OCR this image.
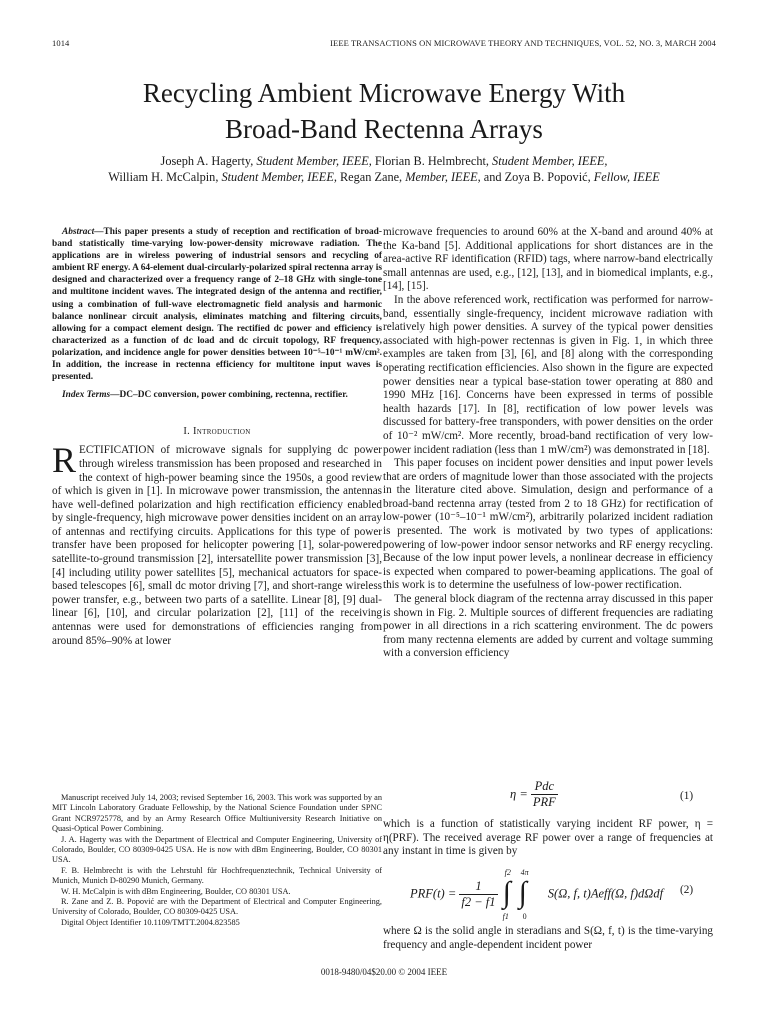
1014	IEEE TRANSACTIONS ON MICROWAVE THEORY AND TECHNIQUES, VOL. 52, NO. 3, MARCH 2004
Recycling Ambient Microwave Energy With
Broad-Band Rectenna Arrays
Joseph A. Hagerty, Student Member, IEEE, Florian B. Helmbrecht, Student Member, IEEE,
William H. McCalpin, Student Member, IEEE, Regan Zane, Member, IEEE, and Zoya B. Popović, Fellow, IEEE

Abstract—This paper presents a study of reception and rectification of broad-band statistically time-varying low-power-density microwave radiation. The applications are in wireless powering of industrial sensors and recycling of ambient RF energy. A 64-element dual-circularly-polarized spiral rectenna array is designed and characterized over a frequency range of 2–18 GHz with single-tone and multitone incident waves. The integrated design of the antenna and rectifier, using a combination of full-wave electromagnetic field analysis and harmonic balance nonlinear circuit analysis, eliminates matching and filtering circuits, allowing for a compact element design. The rectified dc power and efficiency is characterized as a function of dc load and dc circuit topology, RF frequency, polarization, and incidence angle for power densities between 10⁻⁵–10⁻¹ mW/cm². In addition, the increase in rectenna efficiency for multitone input waves is presented.

Index Terms—DC–DC conversion, power combining, rectenna, rectifier.

I. Introduction

RECTIFICATION of microwave signals for supplying dc power through wireless transmission has been proposed and researched in the context of high-power beaming since the 1950s, a good review of which is given in [1]. In microwave power transmission, the antennas have well-defined polarization and high rectification efficiency enabled by single-frequency, high microwave power densities incident on an array of antennas and rectifying circuits. Applications for this type of power transfer have been proposed for helicopter powering [1], solar-powered satellite-to-ground transmission [2], intersatellite power transmission [3], [4] including utility power satellites [5], mechanical actuators for space-based telescopes [6], small dc motor driving [7], and short-range wireless power transfer, e.g., between two parts of a satellite. Linear [8], [9] dual-linear [6], [10], and circular polarization [2], [11] of the receiving antennas were used for demonstrations of efficiencies ranging from around 85%–90% at lower

Manuscript received July 14, 2003; revised September 16, 2003. This work was supported by an MIT Lincoln Laboratory Graduate Fellowship, by the National Science Foundation under SPNC Grant NCR9725778, and by an Army Research Office Multiuniversity Research Initiative on Quasi-Optical Power Combining.

J. A. Hagerty was with the Department of Electrical and Computer Engineering, University of Colorado, Boulder, CO 80309-0425 USA. He is now with dBm Engineering, Boulder, CO 80301 USA.

F. B. Helmbrecht is with the Lehrstuhl für Hochfrequenztechnik, Technical University of Munich, Munich D-80290 Munich, Germany.

W. H. McCalpin is with dBm Engineering, Boulder, CO 80301 USA.

R. Zane and Z. B. Popović are with the Department of Electrical and Computer Engineering, University of Colorado, Boulder, CO 80309-0425 USA.

Digital Object Identifier 10.1109/TMTT.2004.823585

microwave frequencies to around 60% at the X-band and around 40% at the Ka-band [5]. Additional applications for short distances are in the area-active RF identification (RFID) tags, where narrow-band electrically small antennas are used, e.g., [12], [13], and in biomedical implants, e.g., [14], [15].

In the above referenced work, rectification was performed for narrow-band, essentially single-frequency, incident microwave radiation with relatively high power densities. A survey of the typical power densities associated with high-power rectennas is given in Fig. 1, in which three examples are taken from [3], [6], and [8] along with the corresponding operating rectification efficiencies. Also shown in the figure are expected power densities near a typical base-station tower operating at 880 and 1990 MHz [16]. Concerns have been expressed in terms of possible health hazards [17]. In [8], rectification of low power levels was discussed for battery-free transponders, with power densities on the order of 10⁻² mW/cm². More recently, broad-band rectification of very low-power incident radiation (less than 1 mW/cm²) was demonstrated in [18].

This paper focuses on incident power densities and input power levels that are orders of magnitude lower than those associated with the projects in the literature cited above. Simulation, design and performance of a broad-band rectenna array (tested from 2 to 18 GHz) for rectification of low-power (10⁻⁵–10⁻¹ mW/cm²), arbitrarily polarized incident radiation is presented. The work is motivated by two types of applications: powering of low-power indoor sensor networks and RF energy recycling. Because of the low input power levels, a nonlinear decrease in efficiency is expected when compared to power-beaming applications. The goal of this work is to determine the usefulness of low-power rectification.

The general block diagram of the rectenna array discussed in this paper is shown in Fig. 2. Multiple sources of different frequencies are radiating power in all directions in a rich scattering environment. The dc powers from many rectenna elements are added by current and voltage summing with a conversion efficiency

$\eta = \frac{\text{Pdc}}{\text{PRF}}$	(1)
which is a function of statistically varying incident RF power, η = η(PRF). The received average RF power over a range of frequencies at any instant in time is given by
$PRF(t) = \frac{1}{f2 - f1}$

f2 4π
∫ ∫
f1 0
S(Ω, f, t)Aeff(Ω, f)dΩdf	(2)
where Ω is the solid angle in steradians and S(Ω, f, t) is the time-varying frequency and angle-dependent incident power
0018-9480/04$20.00 © 2004 IEEE
